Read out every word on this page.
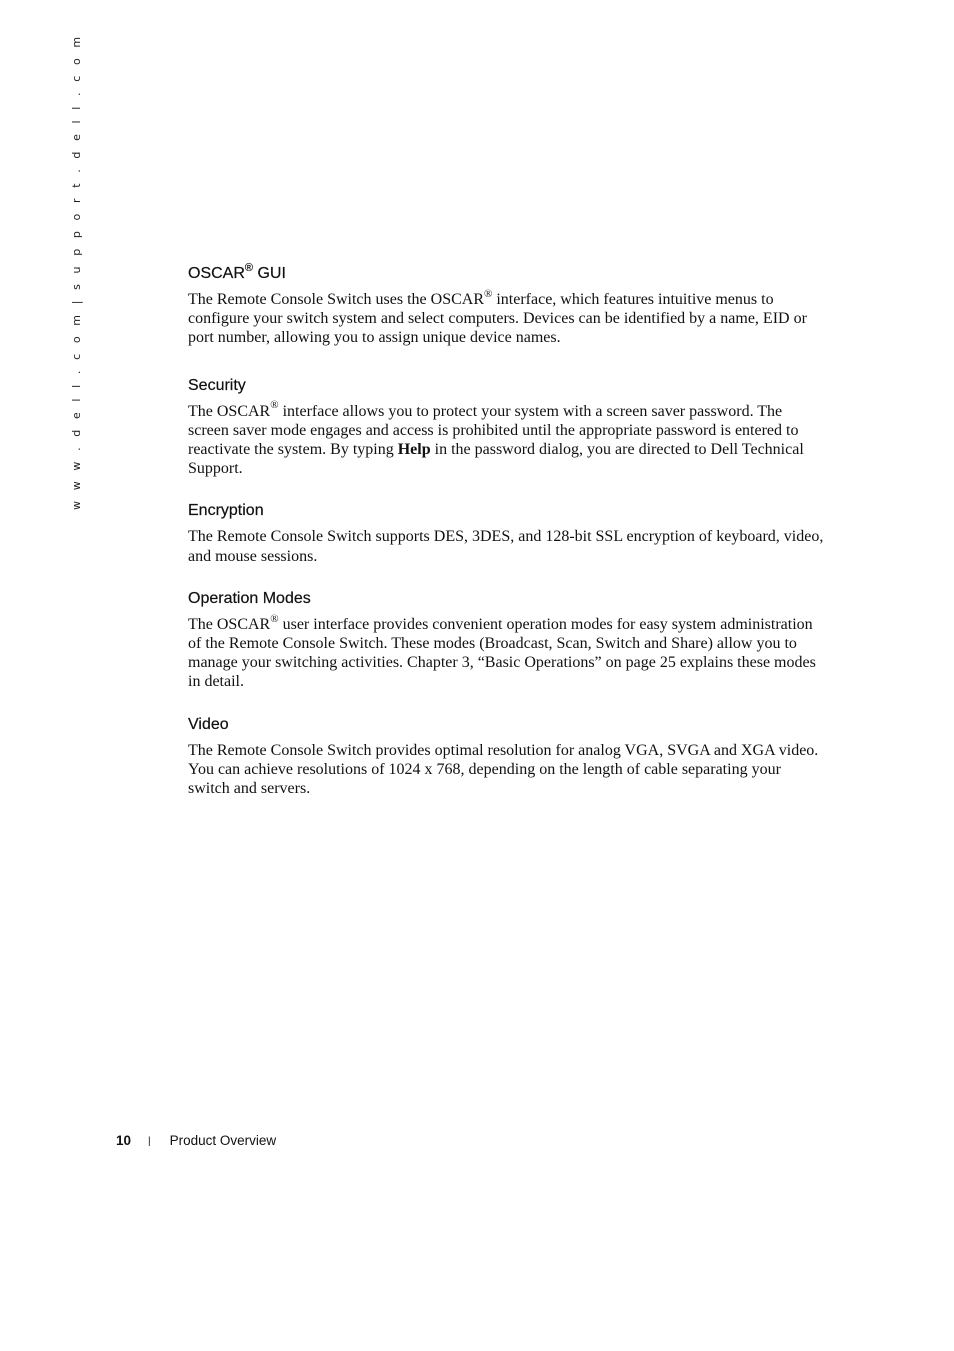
w w w . d e l l . c o m | s u p p o r t . d e l l . c o m	OSCAR® GUI

The Remote Console Switch uses the OSCAR® interface, which features intuitive menus to configure your switch system and select computers. Devices can be identified by a name, EID or port number, allowing you to assign unique device names.

Security

The OSCAR® interface allows you to protect your system with a screen saver password. The screen saver mode engages and access is prohibited until the appropriate password is entered to reactivate the system. By typing Help in the password dialog, you are directed to Dell Technical Support.

Encryption

The Remote Console Switch supports DES, 3DES, and 128-bit SSL encryption of keyboard, video, and mouse sessions.

Operation Modes

The OSCAR® user interface provides convenient operation modes for easy system administration of the Remote Console Switch. These modes (Broadcast, Scan, Switch and Share) allow you to manage your switching activities. Chapter 3, “Basic Operations” on page 25 explains these modes in detail.

Video

The Remote Console Switch provides optimal resolution for analog VGA, SVGA and XGA video. You can achieve resolutions of 1024 x 768, depending on the length of cable separating your switch and servers.

10 | Product Overview
